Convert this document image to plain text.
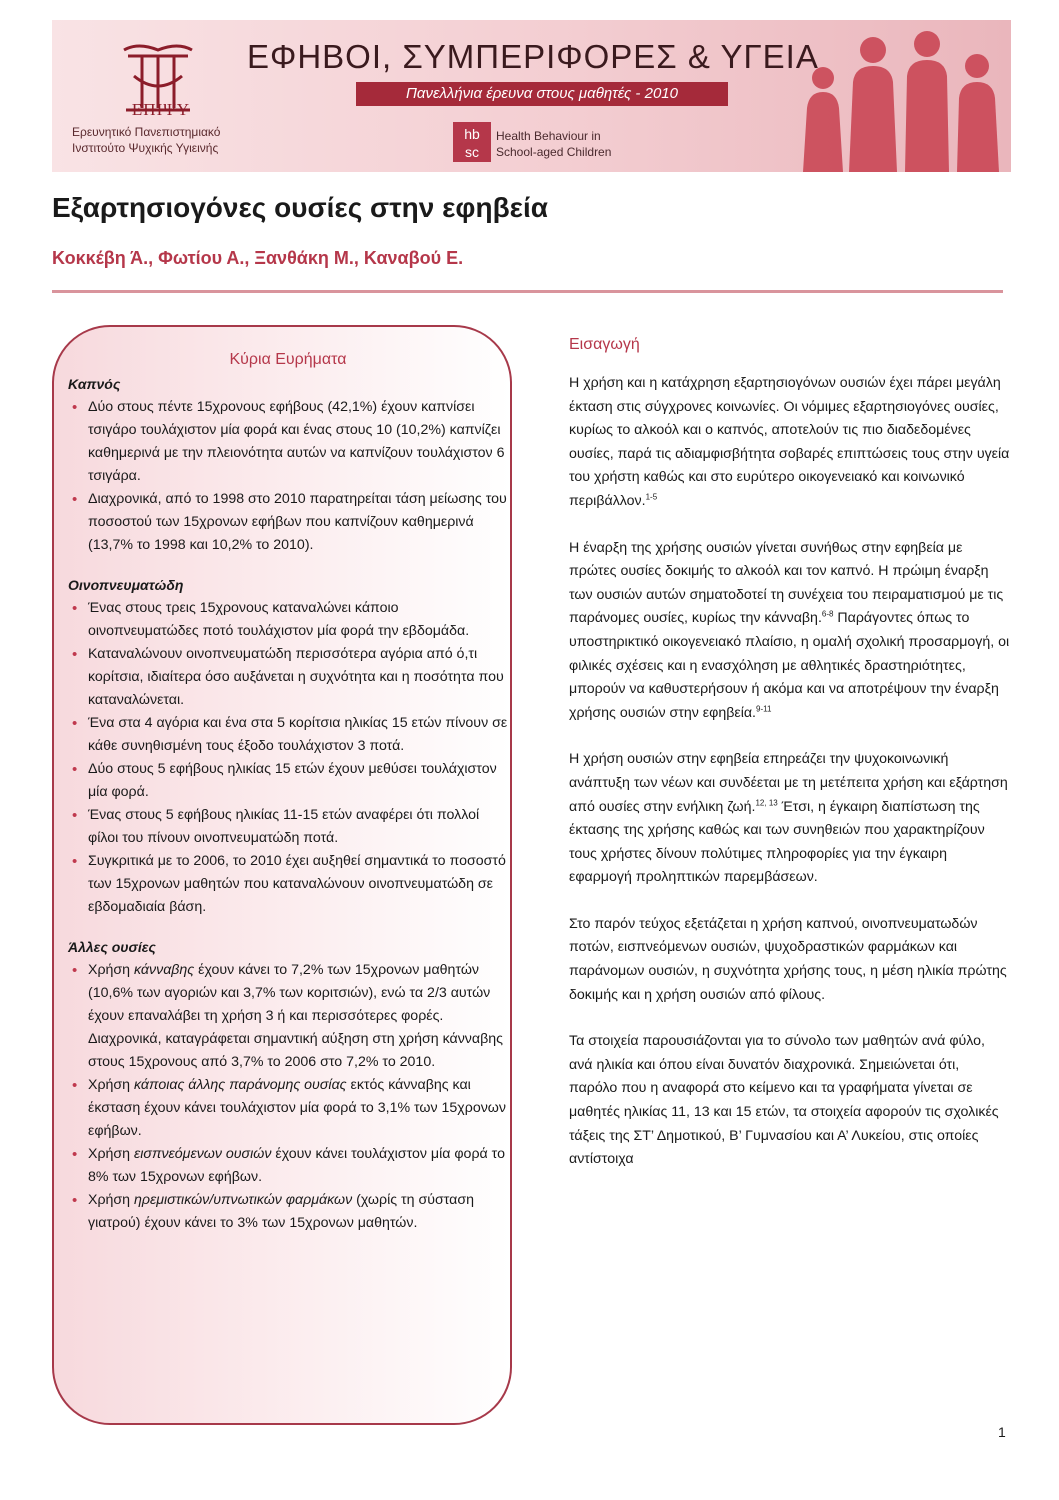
ΕΠΙΨΥ
Ερευνητικό Πανεπιστημιακό
Ινστιτούτο Ψυχικής Υγιεινής
ΕΦΗΒΟΙ, ΣΥΜΠΕΡΙΦΟΡΕΣ & ΥΓΕΙΑ
Πανελλήνια έρευνα στους μαθητές - 2010
hb
sc
Health Behaviour in
School-aged Children
Εξαρτησιογόνες ουσίες στην εφηβεία
Κοκκέβη Ά., Φωτίου Α., Ξανθάκη Μ., Καναβού Ε.
Κύρια Ευρήματα
Καπνός
• Δύο στους πέντε 15χρονους εφήβους (42,1%) έχουν καπνίσει τσιγάρο τουλάχιστον μία φορά και ένας στους 10 (10,2%) καπνίζει καθημερινά με την πλειονότητα αυτών να καπνίζουν τουλάχιστον 6 τσιγάρα.
• Διαχρονικά, από το 1998 στο 2010 παρατηρείται τάση μείωσης του ποσοστού των 15χρονων εφήβων που καπνίζουν καθημερινά (13,7% το 1998 και 10,2% το 2010).
Οινοπνευματώδη
• Ένας στους τρεις 15χρονους καταναλώνει κάποιο οινοπνευματώδες ποτό τουλάχιστον μία φορά την εβδομάδα.
• Καταναλώνουν οινοπνευματώδη περισσότερα αγόρια από ό,τι κορίτσια, ιδιαίτερα όσο αυξάνεται η συχνότητα και η ποσότητα που καταναλώνεται.
• Ένα στα 4 αγόρια και ένα στα 5 κορίτσια ηλικίας 15 ετών πίνουν σε κάθε συνηθισμένη τους έξοδο τουλάχιστον 3 ποτά.
• Δύο στους 5 εφήβους ηλικίας 15 ετών έχουν μεθύσει τουλάχιστον μία φορά.
• Ένας στους 5 εφήβους ηλικίας 11-15 ετών αναφέρει ότι πολλοί φίλοι του πίνουν οινοπνευματώδη ποτά.
• Συγκριτικά με το 2006, το 2010 έχει αυξηθεί σημαντικά το ποσοστό των 15χρονων μαθητών που καταναλώνουν οινοπνευματώδη σε εβδομαδιαία βάση.
Άλλες ουσίες
• Χρήση κάνναβης έχουν κάνει το 7,2% των 15χρονων μαθητών (10,6% των αγοριών και 3,7% των κοριτσιών), ενώ τα 2/3 αυτών έχουν επαναλάβει τη χρήση 3 ή και περισσότερες φορές. Διαχρονικά, καταγράφεται σημαντική αύξηση στη χρήση κάνναβης στους 15χρονους από 3,7% το 2006 στο 7,2% το 2010.
• Χρήση κάποιας άλλης παράνομης ουσίας εκτός κάνναβης και έκσταση έχουν κάνει τουλάχιστον μία φορά το 3,1% των 15χρονων εφήβων.
• Χρήση εισπνεόμενων ουσιών έχουν κάνει τουλάχιστον μία φορά το 8% των 15χρονων εφήβων.
• Χρήση ηρεμιστικών/υπνωτικών φαρμάκων (χωρίς τη σύσταση γιατρού) έχουν κάνει το 3% των 15χρονων μαθητών.
Εισαγωγή

Η χρήση και η κατάχρηση εξαρτησιογόνων ουσιών έχει πάρει μεγάλη έκταση στις σύγχρονες κοινωνίες. Οι νόμιμες εξαρτησιογόνες ουσίες, κυρίως το αλκοόλ και ο καπνός, αποτελούν τις πιο διαδεδομένες ουσίες, παρά τις αδιαμφισβήτητα σοβαρές επιπτώσεις τους στην υγεία του χρήστη καθώς και στο ευρύτερο οικογενειακό και κοινωνικό περιβάλλον.$^{1-5}$

Η έναρξη της χρήσης ουσιών γίνεται συνήθως στην εφηβεία με πρώτες ουσίες δοκιμής το αλκοόλ και τον καπνό. Η πρώιμη έναρξη των ουσιών αυτών σηματοδοτεί τη συνέχεια του πειραματισμού με τις παράνομες ουσίες, κυρίως την κάνναβη.$^{6-8}$ Παράγοντες όπως το υποστηρικτικό οικογενειακό πλαίσιο, η ομαλή σχολική προσαρμογή, οι φιλικές σχέσεις και η ενασχόληση με αθλητικές δραστηριότητες, μπορούν να καθυστερήσουν ή ακόμα και να αποτρέψουν την έναρξη χρήσης ουσιών στην εφηβεία.$^{9-11}$

Η χρήση ουσιών στην εφηβεία επηρεάζει την ψυχοκοινωνική ανάπτυξη των νέων και συνδέεται με τη μετέπειτα χρήση και εξάρτηση από ουσίες στην ενήλικη ζωή.$^{12, 13}$ Έτσι, η έγκαιρη διαπίστωση της έκτασης της χρήσης καθώς και των συνηθειών που χαρακτηρίζουν τους χρήστες δίνουν πολύτιμες πληροφορίες για την έγκαιρη εφαρμογή προληπτικών παρεμβάσεων.

Στο παρόν τεύχος εξετάζεται η χρήση καπνού, οινοπνευματωδών ποτών, εισπνεόμενων ουσιών, ψυχοδραστικών φαρμάκων και παράνομων ουσιών, η συχνότητα χρήσης τους, η μέση ηλικία πρώτης δοκιμής και η χρήση ουσιών από φίλους.

Τα στοιχεία παρουσιάζονται για το σύνολο των μαθητών ανά φύλο, ανά ηλικία και όπου είναι δυνατόν διαχρονικά. Σημειώνεται ότι, παρόλο που η αναφορά στο κείμενο και τα γραφήματα γίνεται σε μαθητές ηλικίας 11, 13 και 15 ετών, τα στοιχεία αφορούν τις σχολικές τάξεις της ΣΤ’ Δημοτικού, Β’ Γυμνασίου και Α’ Λυκείου, στις οποίες αντίστοιχα

1
